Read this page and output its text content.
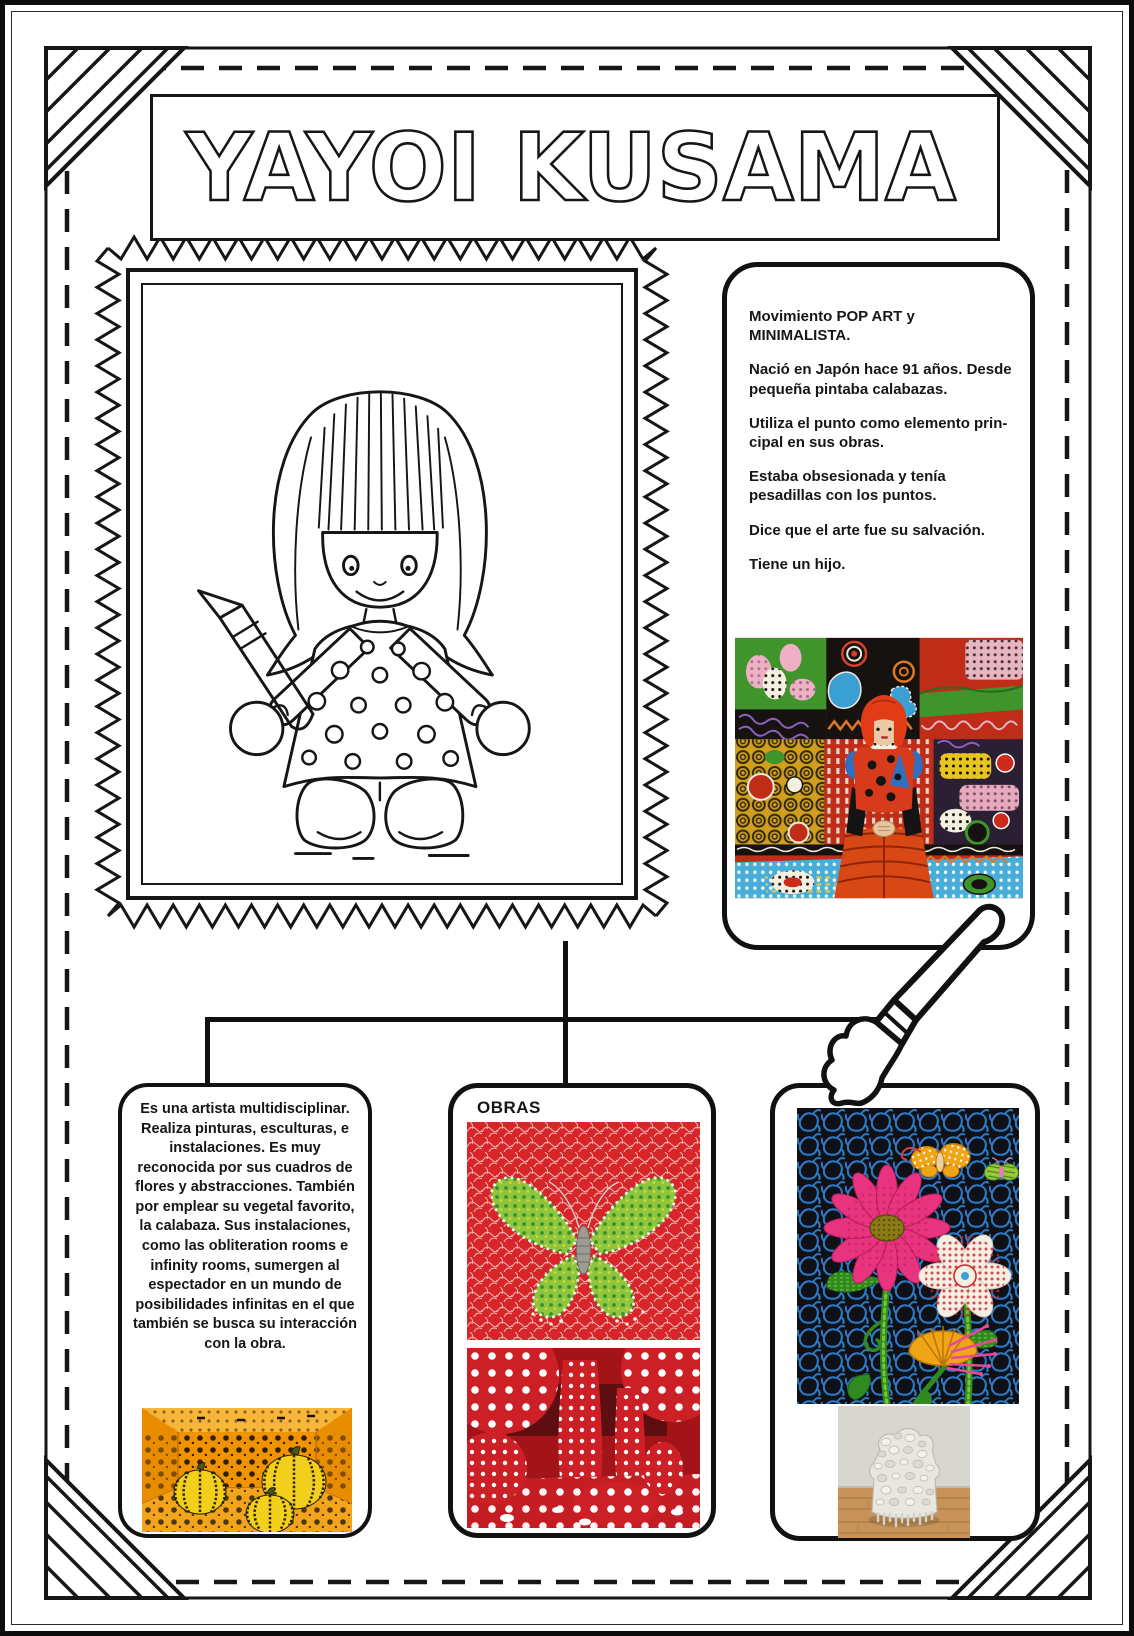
YAYOI KUSAMA

Movimiento POP ART y MINIMALISTA.

Nació en Japón hace 91 años. Desde pequeña pintaba calabazas.

Utiliza el punto como elemento principal en sus obras.

Estaba obsesionada y tenía pesadillas con los puntos.

Dice que el arte fue su salvación.

Tiene un hijo.

Es una artista multidisciplinar. Realiza pinturas, esculturas, e instalaciones. Es muy reconocida por sus cuadros de flores y abstracciones. También por emplear su vegetal favorito, la calabaza. Sus instalaciones, como las obliteration rooms e infinity rooms, sumergen al espectador en un mundo de posibilidades infinitas en el que también se busca su interacción con la obra.
OBRAS
